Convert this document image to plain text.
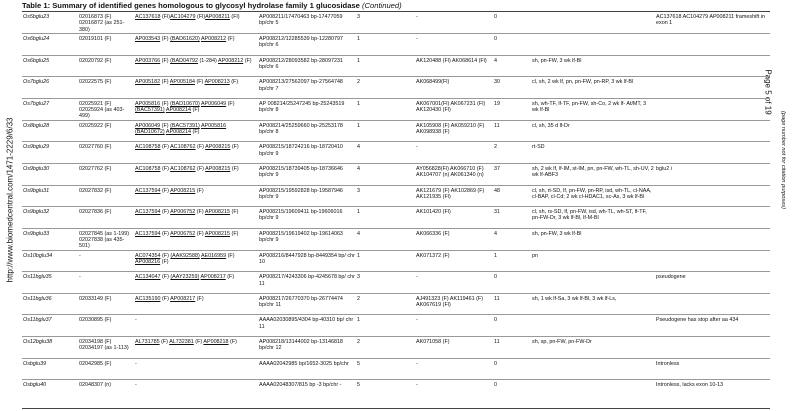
Table 1: Summary of identified genes homologous to glycosyl hydrolase family 1 glucosidase (Continued)
http://www.biomedcentral.com/1471-2229/6/33
Page 5 of 19
(page number not for citation purposes)
Os5bglu23	02016873 (F) 02016872 (as 251-380)	AC137618 (Fl)AC104279 (Fl)AP008211 (Fl)	AP008211/17470463 bp-17477059 bp/chr 5	3	-	0		AC137618 AC104279 AP008211 frameshift in exon 1
Os6bglu24	02019101 (F)	AP003543 (F) (BAD61620) AP008212 (F)	AP008212/12285539 bp-12280797 bp/chr 6	1	-	0		
Os6bglu25	02020792 (F)	AP003766 (F) (BAD04792 (1-284) AP008212 (F)	AP008212/28093582 bp-28097231 bp/chr 6	1	AK120488 (Fl) AK068614 (Fl)	4	sh, pn-FW, 3 wk lf-Bl	
Os7bglu26	02022575 (F)	AP005182 (F) AP005184 (F) AP008213 (F)	AP008213/27562097 bp-27564748 bp/chr 7	2	AK068499(Fl)	30	cl, sh, 2 wk lf, pn, pn-FW, pn-RP, 3 wk lf-Bl	
Os7bglu27	02025921 (F) 02025924 (as 403-499)	AP005816 (F) (BAD10670) AP006049 (F) (BAC57391) AP008214 (F)	AP 008214/25247245 bp-25243519 bp/chr 8	1	AK067001(Fl) AK067231 (Fl) AK120430 (Fl)	19	sh, wh-TF, lf-TF, pn-FW, sh-Co, 2 wk lf- At/MT, 3 wk lf-Bl	
Os8bglu28	02025922 (F)	AP006049 (F) (BAC57391) AP005816 (BAD10672) AP008214 (F)	AP008214/25259660 bp-25253178 bp/chr 8	1	AK105908 (F) AK059210 (F) AK098938 (F)	11	cl, sh, 35 d lf-Dr	
Os9bglu29	02027760 (F)	AC108758 (F) AC108762 (F) AP008215 (F)	AP008215/18724216 bp-18720410 bp/chr 9	4	-	2	rt-SD	
Os9bglu30	02027762 (F)	AC108758 (F) AC108762 (F) AP008215 (F)	AP008215/18739405 bp-18736646 bp/chr 9	4	AY056828(Fl) AK066710 (F) AK104707 (n) AK061340 (n)	37	sh, 2 wk lf, lf-IM, st-IM, pn, pn-FW, wh-TL, sh-UV, 2 wk lf-ABF3	bglu2 i
Os9bglu31	02027832 (F)	AC137594 (F) AP008215 (F)	AP008215/19592828 bp-19587946 bp/chr 9	3	AK121679 (F) AK102869 (F) AK121935 (Fl)	48	cl, sh, rt-SD, lf, pn-FW, pn-RP, isd, wh-TL, cl-NAA, cl-BAP, cl-Cd; 2 wk cl-HDAC1, sc-As, 3 wk lf-Bl	
Os9bglu32	02027836 (F)	AC137594 (F) AP006752 (F) AP008215 (F)	AP008215/19609411 bp-19606016 bp/chr 9	1	AK101420 (Fl)	31	cl, sh, rs-SD, lf, pn-FW, isd, wh-TL, wh-ST, lf-TF, pn-FW-Dr, 3 wk lf-Bl, lf-M-Bl	
Os9bglu33	02027845 (as 1-199) 02027838 (as 435-501)	AC137594 (F) AP006752 (F) AP008215 (F)	AP008215/19619402 bp-19614063 bp/chr 9	4	AK066336 (F)	4	sh, pn-FW, 3 wk lf-Bl	
Os10bglu34	-	AC074354 (F) (AAK92588) AE016959 (F) AP008216 (F)	AP008216/8447928 bp-8449354 bp/ chr 10	1	AK071372 (F)	1	pn	
Os11bglu35	-	AC134047 (F) (AAY23259) AP008217 (F)	AP008217/4243306 bp-4245678 bp/ chr 11	3	-	0		pseudogene
Os11bglu36	02033149 (F)	AC135190 (F) AP008217 (F)	AP008217/26770370 bp-26774474 bp/chr 11	2	AJ491323 (F) AK119461 (F) AK067619 (Fl)	11	sh, 1 wk lf-Sa, 3 wk lf-Bl, 3 wk lf-Ls,	
Os11bglu37	02030895 (F)	-	AAAA02030895/4304 bp-40310 bp/ chr 11	1	-	0		Pseudogene has stop after aa 434
Os12bglu38	02034198 (F) 02034197 (as 1-113)	AL731785 (F) AL732381 (F) AP008218 (F)	AP008218/13144002 bp-13146818 bp/chr 12	2	AK071058 (F)	11	sh, sp, pn-FW, pn-FW-Dr	
Osbglu39	02042985 (F)	-	AAAA02042985 bp/1652-3025 bp/chr	5	-	0		Intronless
Osbglu40	02048307 (n)	-	AAAA02048307/815 bp -3 bp/chr -	5	-	0		Intronless, lacks exon 10-13
